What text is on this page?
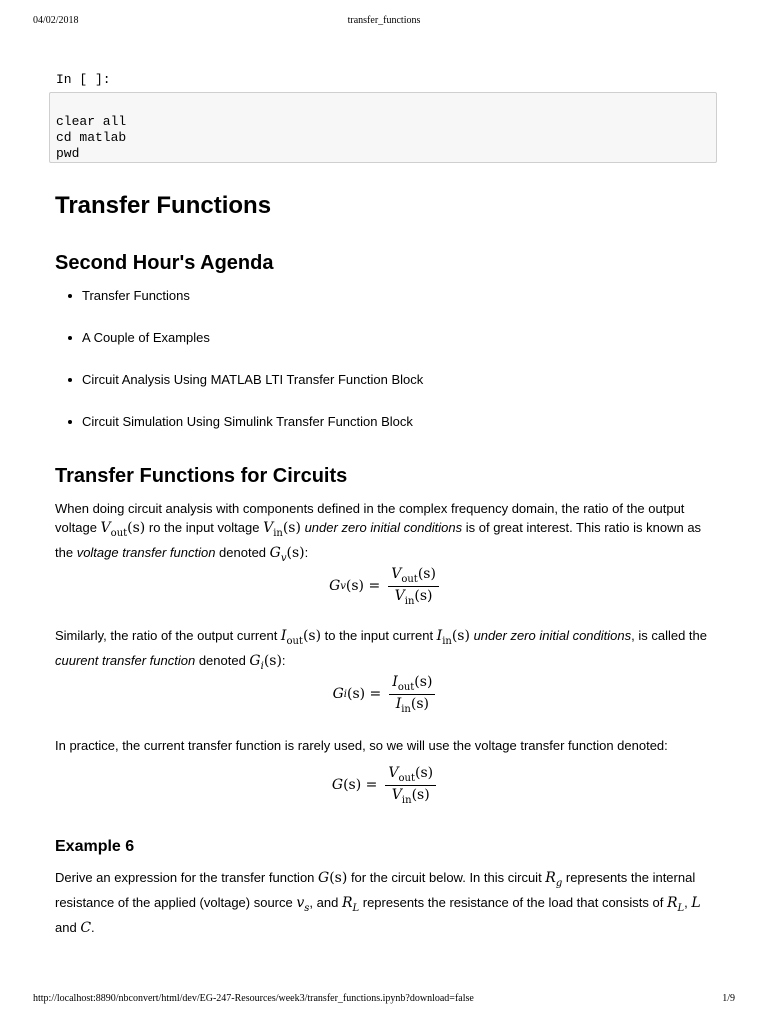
04/02/2018	transfer_functions
In [ ]:
clear all
cd matlab
pwd
Transfer Functions
Second Hour's Agenda
Transfer Functions
A Couple of Examples
Circuit Analysis Using MATLAB LTI Transfer Function Block
Circuit Simulation Using Simulink Transfer Function Block
Transfer Functions for Circuits
When doing circuit analysis with components defined in the complex frequency domain, the ratio of the output voltage $V_{out}(s)$ ro the input voltage $V_{in}(s)$ under zero initial conditions is of great interest. This ratio is known as the voltage transfer function denoted $G_v(s)$:
G v (s)
= $\frac{V_{out}(s)}{V_{in}(s)}$
Similarly, the ratio of the output current $I_{out}(s)$ to the input current $I_{in}(s)$ under zero initial conditions, is called the cuurent transfer function denoted $G_i(s)$:
G i (s)
= $\frac{I_{out}(s)}{I_{in}(s)}$
In practice, the current transfer function is rarely used, so we will use the voltage transfer function denoted:
G (s)
= $\frac{V_{out}(s)}{V_{in}(s)}$
Example 6
Derive an expression for the transfer function G(s) for the circuit below. In this circuit $R_g$ represents the internal resistance of the applied (voltage) source $v_s$, and $R_L$ represents the resistance of the load that consists of $R_L$, L and C.
http://localhost:8890/nbconvert/html/dev/EG-247-Resources/week3/transfer_functions.ipynb?download=false	1/9
